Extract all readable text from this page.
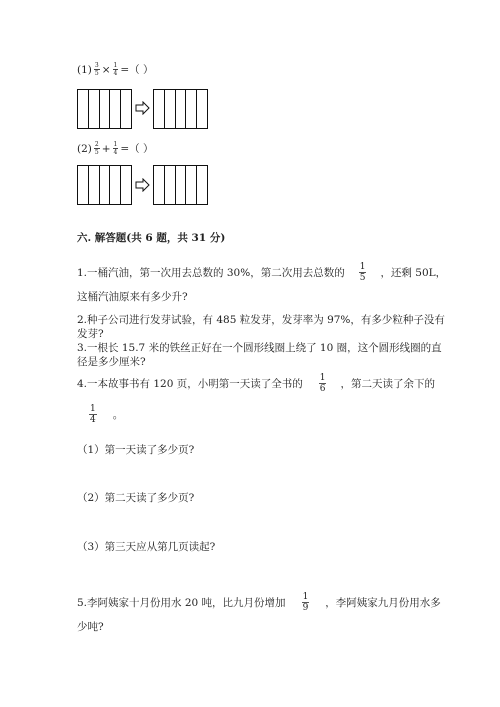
$(1) \frac{3}{5} \times \frac{1}{4}$ =（ ）
$(2) \frac{2}{5} + \frac{1}{4}$ =（ ）
六. 解答题(共 6 题，共 31 分)
1.一桶汽油，第一次用去总数的 30%，第二次用去总数的 $\frac{1}{5}$ ，还剩 50L，
这桶汽油原来有多少升?
2.种子公司进行发芽试验，有 485 粒发芽，发芽率为 97%，有多少粒种子没有
发芽?
3.一根长 15.7 米的铁丝正好在一个圆形线圈上绕了 10 圈，这个圆形线圈的直
径是多少厘米?
4.一本故事书有 120 页，小明第一天读了全书的 $\frac{1}{6}$ ，第二天读了余下的
$\frac{1}{4}$ 。
（1）第一天读了多少页?
（2）第二天读了多少页?
（3）第三天应从第几页读起?
5.李阿姨家十月份用水 20 吨，比九月份增加 $\frac{1}{9}$ ，李阿姨家九月份用水多
少吨?
